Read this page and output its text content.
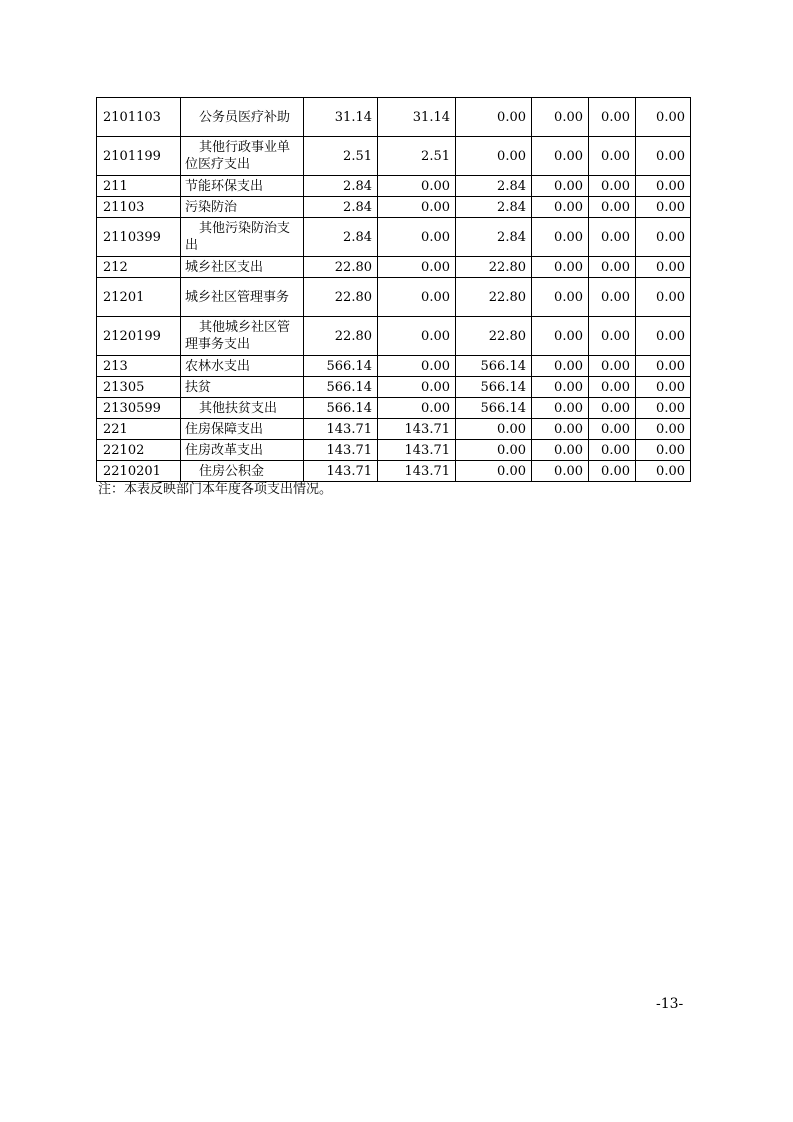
2101103	公务员医疗补助	31.14	31.14	0.00	0.00	0.00	0.00
2101199	其他行政事业单位医疗支出	2.51	2.51	0.00	0.00	0.00	0.00
211	节能环保支出	2.84	0.00	2.84	0.00	0.00	0.00
21103	污染防治	2.84	0.00	2.84	0.00	0.00	0.00
2110399	其他污染防治支出	2.84	0.00	2.84	0.00	0.00	0.00
212	城乡社区支出	22.80	0.00	22.80	0.00	0.00	0.00
21201	城乡社区管理事务	22.80	0.00	22.80	0.00	0.00	0.00
2120199	其他城乡社区管理事务支出	22.80	0.00	22.80	0.00	0.00	0.00
213	农林水支出	566.14	0.00	566.14	0.00	0.00	0.00
21305	扶贫	566.14	0.00	566.14	0.00	0.00	0.00
2130599	其他扶贫支出	566.14	0.00	566.14	0.00	0.00	0.00
221	住房保障支出	143.71	143.71	0.00	0.00	0.00	0.00
22102	住房改革支出	143.71	143.71	0.00	0.00	0.00	0.00
2210201	住房公积金	143.71	143.71	0.00	0.00	0.00	0.00
注：本表反映部门本年度各项支出情况。
-13-
